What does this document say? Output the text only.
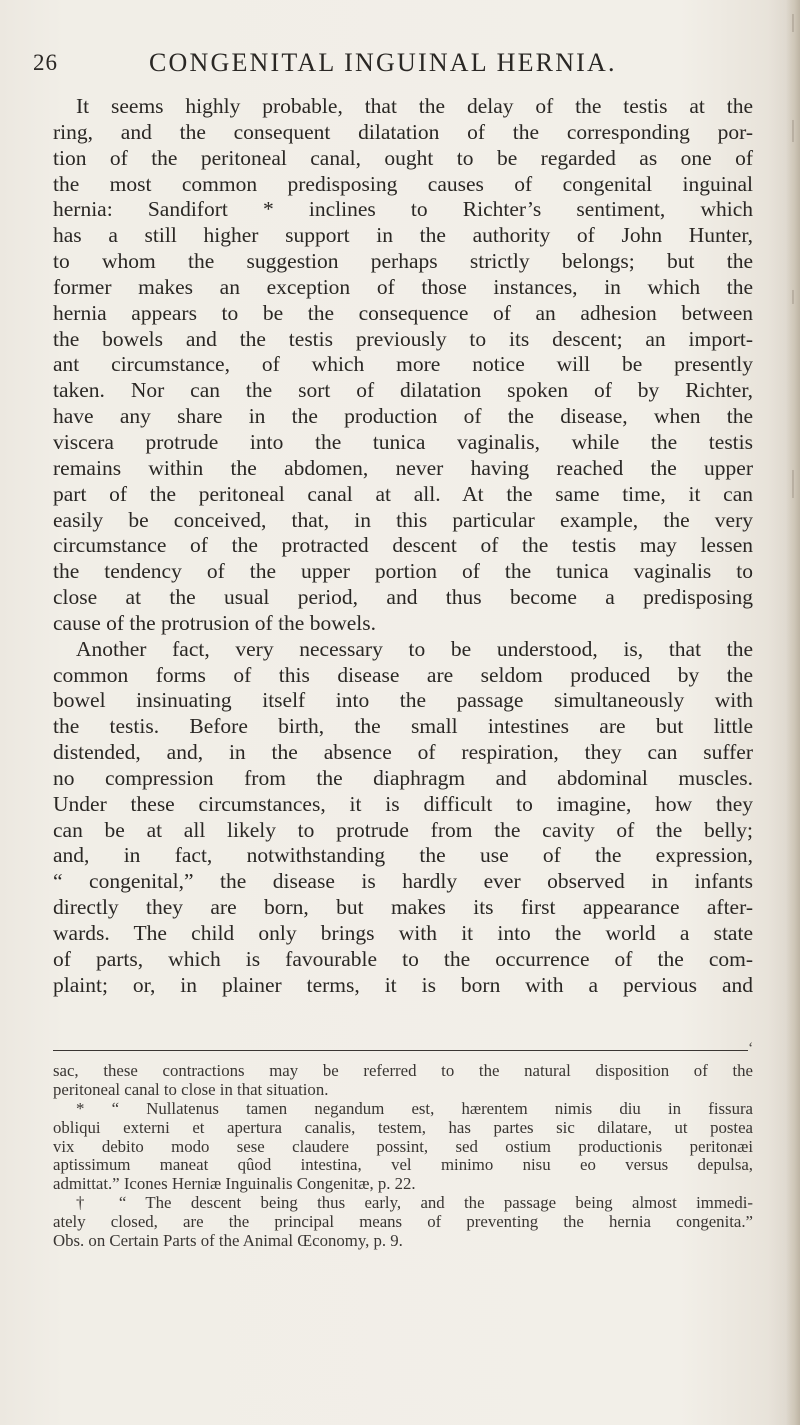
26	CONGENITAL INGUINAL HERNIA.
It seems highly probable, that the delay of the testis at the
ring, and the consequent dilatation of the corresponding por-
tion of the peritoneal canal, ought to be regarded as one of
the most common predisposing causes of congenital inguinal
hernia: Sandifort * inclines to Richter’s sentiment, which
has a still higher support in the authority of John Hunter,
to whom the suggestion perhaps strictly belongs; but the
former makes an exception of those instances, in which the
hernia appears to be the consequence of an adhesion between
the bowels and the testis previously to its descent; an import-
ant circumstance, of which more notice will be presently
taken. Nor can the sort of dilatation spoken of by Richter,
have any share in the production of the disease, when the
viscera protrude into the tunica vaginalis, while the testis
remains within the abdomen, never having reached the upper
part of the peritoneal canal at all. At the same time, it can
easily be conceived, that, in this particular example, the very
circumstance of the protracted descent of the testis may lessen
the tendency of the upper portion of the tunica vaginalis to
close at the usual period, and thus become a predisposing
cause of the protrusion of the bowels.
Another fact, very necessary to be understood, is, that the
common forms of this disease are seldom produced by the
bowel insinuating itself into the passage simultaneously with
the testis. Before birth, the small intestines are but little
distended, and, in the absence of respiration, they can suffer
no compression from the diaphragm and abdominal muscles.
Under these circumstances, it is difficult to imagine, how they
can be at all likely to protrude from the cavity of the belly;
and, in fact, notwithstanding the use of the expression,
“ congenital,” the disease is hardly ever observed in infants
directly they are born, but makes its first appearance after-
wards. The child only brings with it into the world a state
of parts, which is favourable to the occurrence of the com-
plaint; or, in plainer terms, it is born with a pervious and
‘
sac, these contractions may be referred to the natural disposition of the
peritoneal canal to close in that situation.
* “ Nullatenus tamen negandum est, hærentem nimis diu in fissura
obliqui externi et apertura canalis, testem, has partes sic dilatare, ut postea
vix debito modo sese claudere possint, sed ostium productionis peritonæi
aptissimum maneat qûod intestina, vel minimo nisu eo versus depulsa,
admittat.” Icones Herniæ Inguinalis Congenitæ, p. 22.
† “ The descent being thus early, and the passage being almost immedi-
ately closed, are the principal means of preventing the hernia congenita.”
Obs. on Certain Parts of the Animal Œconomy, p. 9.
